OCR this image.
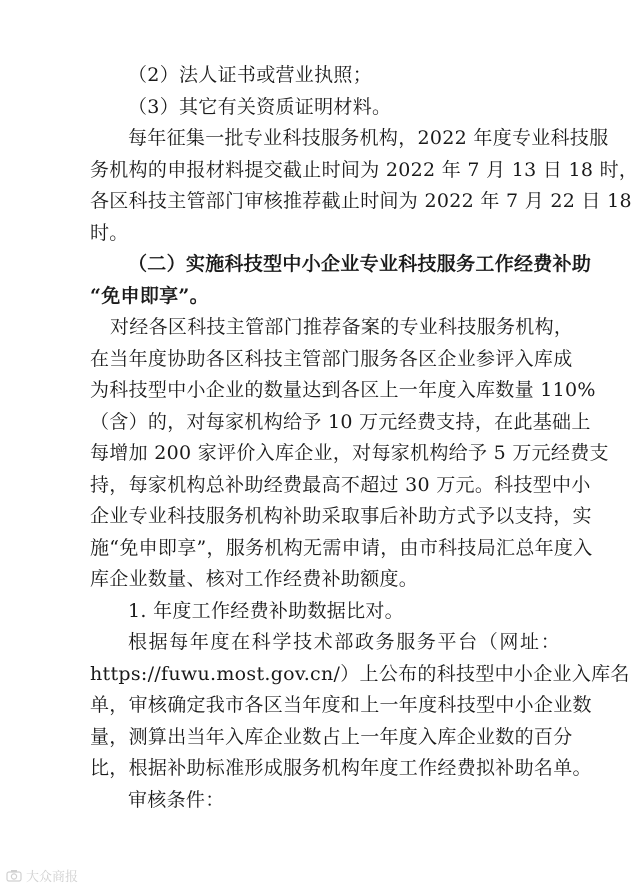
（2）法人证书或营业执照；
（3）其它有关资质证明材料。
每年征集一批专业科技服务机构，2022 年度专业科技服
务机构的申报材料提交截止时间为 2022 年 7 月 13 日 18 时，
各区科技主管部门审核推荐截止时间为 2022 年 7 月 22 日 18
时。
（二）实施科技型中小企业专业科技服务工作经费补助
“免申即享”。
对经各区科技主管部门推荐备案的专业科技服务机构，
在当年度协助各区科技主管部门服务各区企业参评入库成
为科技型中小企业的数量达到各区上一年度入库数量 110%
（含）的，对每家机构给予 10 万元经费支持，在此基础上
每增加 200 家评价入库企业，对每家机构给予 5 万元经费支
持，每家机构总补助经费最高不超过 30 万元。科技型中小
企业专业科技服务机构补助采取事后补助方式予以支持，实
施“免申即享”，服务机构无需申请，由市科技局汇总年度入
库企业数量、核对工作经费补助额度。
1. 年度工作经费补助数据比对。
根据每年度在科学技术部政务服务平台（网址：
https://fuwu.most.gov.cn/）上公布的科技型中小企业入库名
单，审核确定我市各区当年度和上一年度科技型中小企业数
量，测算出当年入库企业数占上一年度入库企业数的百分
比，根据补助标准形成服务机构年度工作经费拟补助名单。
审核条件：
大众商报
